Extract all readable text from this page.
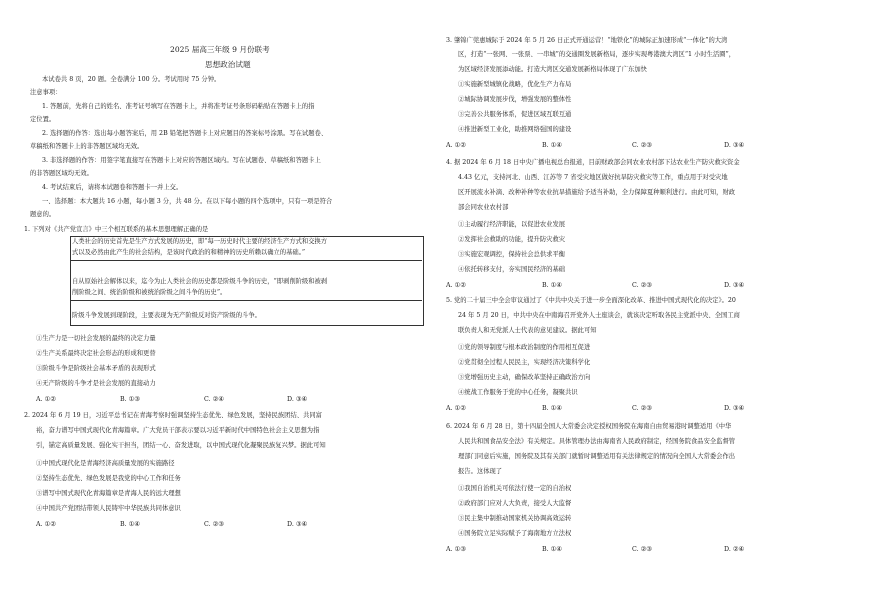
2025 届高三年级 9 月份联考
思想政治试题
本试卷共 8 页，20 题。全卷满分 100 分。考试用时 75 分钟。
注意事项：
1. 答题前，先将自己的姓名、准考证号填写在答题卡上，并将准考证号条形码粘贴在答题卡上的指
定位置。
2. 选择题的作答：选出每小题答案后，用 2B 铅笔把答题卡上对应题目的答案标号涂黑。写在试题卷、
草稿纸和答题卡上的非答题区域均无效。
3. 非选择题的作答：用签字笔直接写在答题卡上对应的答题区域内。写在试题卷、草稿纸和答题卡上
的非答题区域均无效。
4. 考试结束后，请将本试题卷和答题卡一并上交。
一、选择题：本大题共 16 小题，每小题 3 分，共 48 分。在以下每小题的四个选项中，只有一项是符合
题意的。
1. 下列对《共产党宣言》中三个相互联系的基本思想理解正确的是
人类社会的历史首先是生产方式发展的历史，即“每一历史时代主要的经济生产方式和交换方
式以及必然由此产生的社会结构，是该时代政治的和精神的历史所赖以确立的基础。”
自从原始社会解体以来，迄今为止人类社会的历史都是阶级斗争的历史，“即剥削阶级和被剥
削阶级之间、统治阶级和被统治阶级之间斗争的历史”。
阶级斗争发展到现阶段，主要表现为无产阶级反对资产阶级的斗争。
①生产力是一切社会发展的最终的决定力量
②生产关系最终决定社会形态的形成和更替
③阶级斗争是阶级社会基本矛盾的表现形式
④无产阶级的斗争才是社会发展的直接动力
A. ①②	B. ①③	C. ②④	D. ③④
2. 2024 年 6 月 19 日，习近平总书记在青海考察时强调坚持生态优先、绿色发展，坚持民族团结、共同富
裕，奋力谱写中国式现代化青海篇章。广大党员干部表示要以习近平新时代中国特色社会主义思想为指
引，锚定高质量发展、强化实干担当，团结一心、奋发进取，以中国式现代化凝聚民族复兴梦。据此可知
①中国式现代化是青海经济高质量发展的实施路径
②坚持生态优先、绿色发展是我党的中心工作和任务
③谱写中国式现代化青海篇章是青海人民的远大理想
④中国共产党团结带领人民铸牢中华民族共同体意识
A. ①②	B. ①④	C. ②③	D. ③④
3. 肇锦广莞惠城际于 2024 年 5 月 26 日正式开通运营！“地铁化”的城际正加速形成“一体化”的大湾
区，打造“一张网、一张票、一串城”的交通圈发展新格局，逐步实现粤港澳大湾区“1 小时生活圈”，
为区域经济发展添动能。打造大湾区交通发展新格局体现了广东加快
①实施新型城镇化战略，优化生产力布局
②城际协调发展步伐，增强发展的整体性
③完善公共服务体系，促进区域互联互通
④推进新型工业化，助推网络强国的建设
A. ①②	B. ①④	C. ②③	D. ③④
4. 据 2024 年 6 月 18 日中央广播电视总台报道，目前财政部会同农业农村部下达农业生产防灾救灾资金
4.43 亿元，支持河北、山西、江苏等 7 省受灾地区做好抗旱防灾救灾等工作，重点用于对受灾地
区开展流水补滴、改种补种等农业抗旱措施给予适当补助，全力保障夏种顺利进行。由此可知，财政
部会同农业农村部
①主动履行经济职能，以促进农业发展
②发挥社会救助的功能，提升防灾救灾
③实施宏观调控，保持社会总供求平衡
④依托转移支付，夯实国民经济的基础
A. ①②	B. ①④	C. ②③	D. ③④
5. 党的二十届三中全会审议通过了《中共中央关于进一步全面深化改革、推进中国式现代化的决定》。20
24 年 5 月 20 日，中共中央在中南海召开党外人士座谈会，就该决定听取各民主党派中央、全国工商
联负责人和无党派人士代表的意见建议。据此可知
①党的领导制度与根本政治制度的作用相互促进
②党贯彻全过程人民民主，实现经济决策科学化
③党增强历史主动，确保改革坚持正确政治方向
④统战工作服务于党的中心任务，凝聚共识
A. ①②	B. ①④	C. ②③	D. ③④
6. 2024 年 6 月 28 日，第十四届全国人大常委会决定授权国务院在海南自由贸易港时调整适用《中华
人民共和国食品安全法》有关规定。具体管理办法由海南省人民政府制定，经国务院食品安全监督管
理部门同意后实施，国务院及其有关部门就暂时调整适用有关法律规定的情况向全国人大常委会作出
报告。这体现了
①我国自治机关可依法行使一定的自治权
②政府部门应对人大负责，接受人大监督
③民主集中制推动国家机关协调高效运转
④国务院立足实际赋予了海南地方立法权
A. ①③	B. ①④	C. ②③	D. ②④
